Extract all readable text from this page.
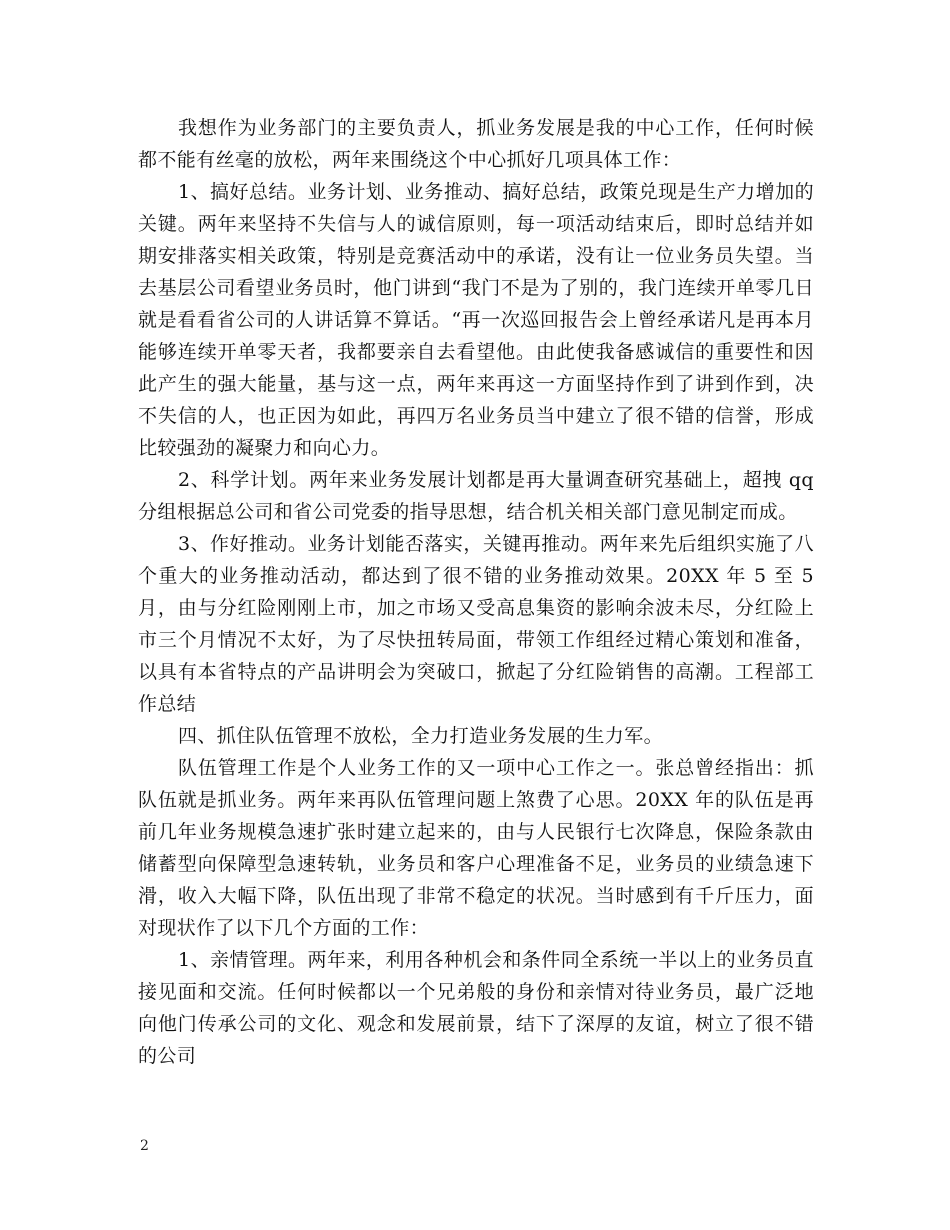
我想作为业务部门的主要负责人，抓业务发展是我的中心工作，任何时候都不能有丝毫的放松，两年来围绕这个中心抓好几项具体工作：

1、搞好总结。业务计划、业务推动、搞好总结，政策兑现是生产力增加的关键。两年来坚持不失信与人的诚信原则，每一项活动结束后，即时总结并如期安排落实相关政策，特别是竞赛活动中的承诺，没有让一位业务员失望。当去基层公司看望业务员时，他门讲到“我门不是为了别的，我门连续开单零几日就是看看省公司的人讲话算不算话。“再一次巡回报告会上曾经承诺凡是再本月能够连续开单零天者，我都要亲自去看望他。由此使我备感诚信的重要性和因此产生的强大能量，基与这一点，两年来再这一方面坚持作到了讲到作到，决不失信的人，也正因为如此，再四万名业务员当中建立了很不错的信誉，形成比较强劲的凝聚力和向心力。

2、科学计划。两年来业务发展计划都是再大量调查研究基础上，超拽 qq 分组根据总公司和省公司党委的指导思想，结合机关相关部门意见制定而成。

3、作好推动。业务计划能否落实，关键再推动。两年来先后组织实施了八个重大的业务推动活动，都达到了很不错的业务推动效果。20XX 年 5 至 5 月，由与分红险刚刚上市，加之市场又受高息集资的影响余波未尽，分红险上市三个月情况不太好，为了尽快扭转局面，带领工作组经过精心策划和准备，以具有本省特点的产品讲明会为突破口，掀起了分红险销售的高潮。工程部工作总结

四、抓住队伍管理不放松，全力打造业务发展的生力军。

队伍管理工作是个人业务工作的又一项中心工作之一。张总曾经指出：抓队伍就是抓业务。两年来再队伍管理问题上煞费了心思。20XX 年的队伍是再前几年业务规模急速扩张时建立起来的，由与人民银行七次降息，保险条款由储蓄型向保障型急速转轨，业务员和客户心理准备不足，业务员的业绩急速下滑，收入大幅下降，队伍出现了非常不稳定的状况。当时感到有千斤压力，面对现状作了以下几个方面的工作：

1、亲情管理。两年来，利用各种机会和条件同全系统一半以上的业务员直接见面和交流。任何时候都以一个兄弟般的身份和亲情对待业务员，最广泛地向他门传承公司的文化、观念和发展前景，结下了深厚的友谊，树立了很不错的公司

2
